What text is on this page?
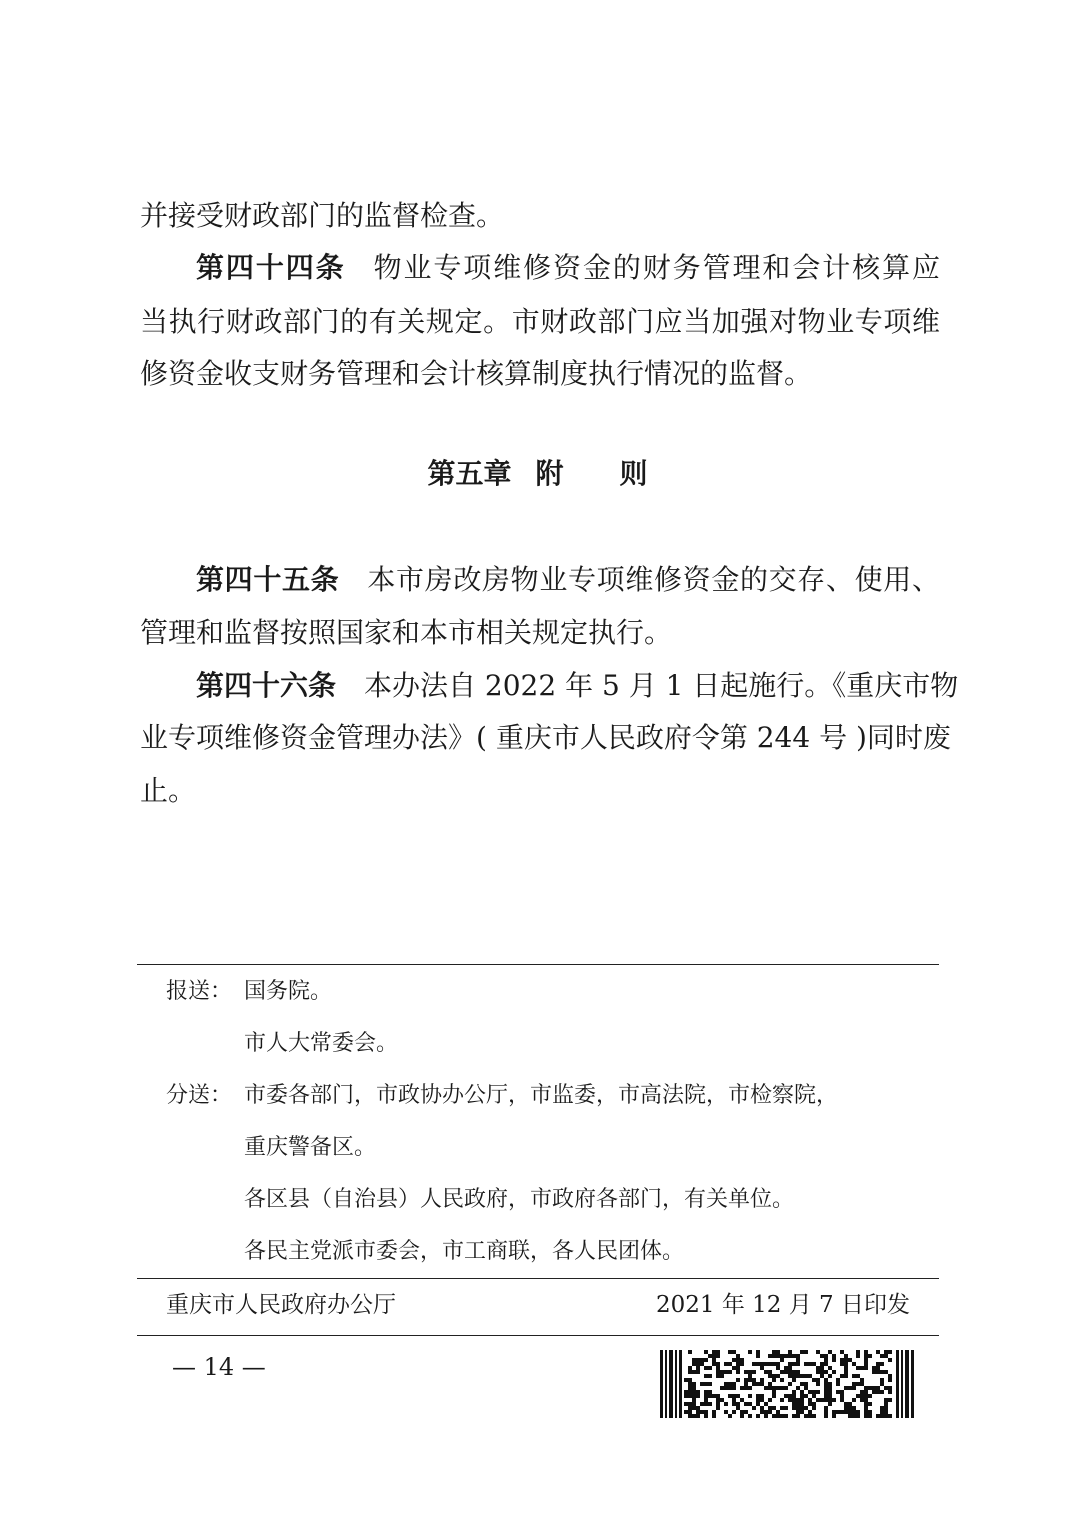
并接受财政部门的监督检查。
第四十四条 物业专项维修资金的财务管理和会计核算应
当执行财政部门的有关规定。市财政部门应当加强对物业专项维
修资金收支财务管理和会计核算制度执行情况的监督。
第五章 附 则
第四十五条 本市房改房物业专项维修资金的交存、使用、
管理和监督按照国家和本市相关规定执行。
第四十六条 本办法自 2022 年 5 月 1 日起施行。《重庆市物
业专项维修资金管理办法》( 重庆市人民政府令第 244 号 )同时废
止。
报送： 国务院。
市人大常委会。
分送： 市委各部门，市政协办公厅，市监委，市高法院，市检察院，
重庆警备区。
各区县（自治县）人民政府，市政府各部门，有关单位。
各民主党派市委会，市工商联，各人民团体。
重庆市人民政府办公厅	2021 年 12 月 7 日印发
— 14 —
